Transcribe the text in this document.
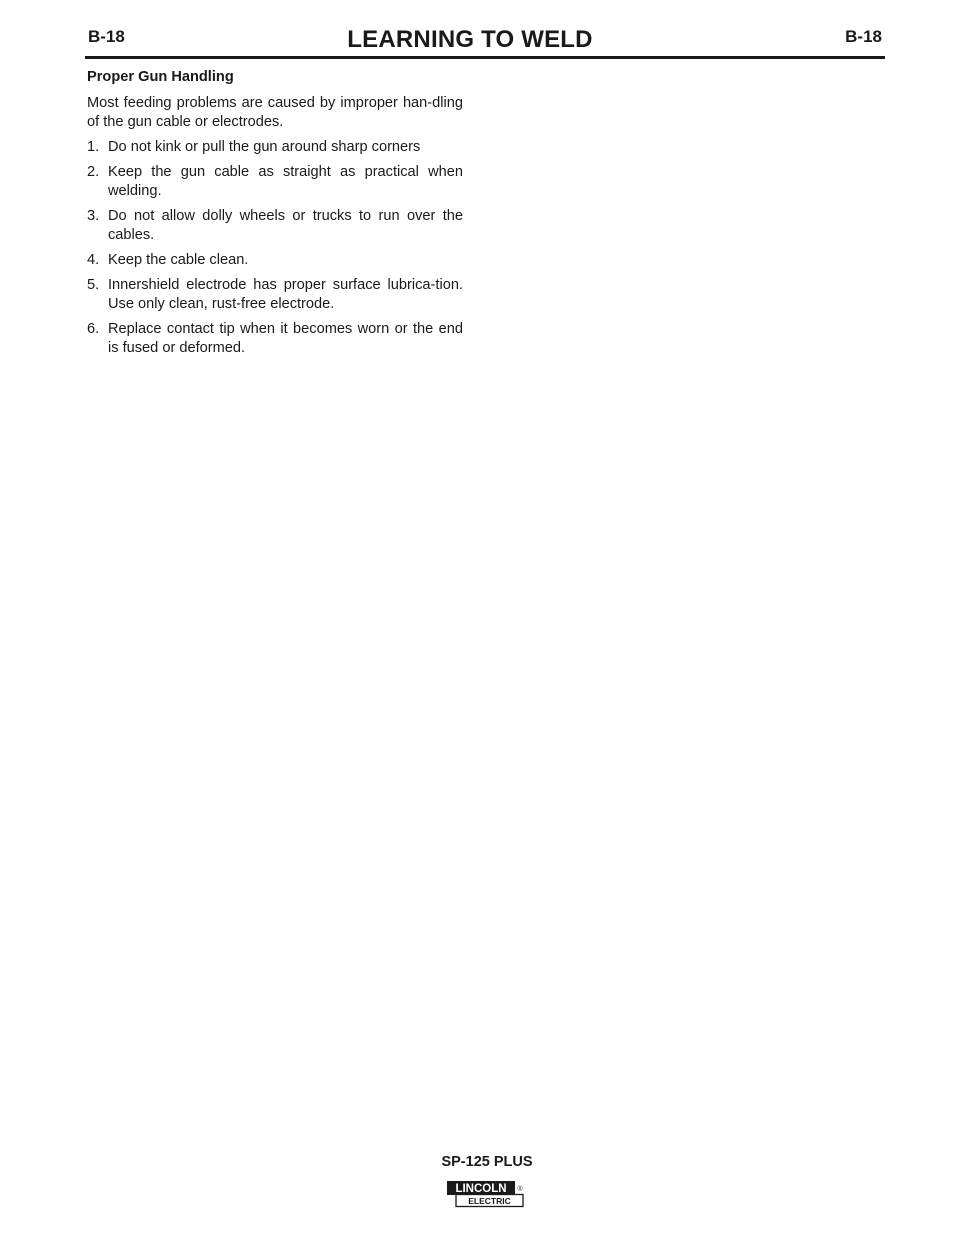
B-18	LEARNING TO WELD	B-18

Proper Gun Handling

Most feeding problems are caused by improper han-dling of the gun cable or electrodes.

1. Do not kink or pull the gun around sharp corners
2. Keep the gun cable as straight as practical when welding.
3. Do not allow dolly wheels or trucks to run over the cables.
4. Keep the cable clean.
5. Innershield electrode has proper surface lubrica-tion. Use only clean, rust-free electrode.
6. Replace contact tip when it becomes worn or the end is fused or deformed.
SP-125 PLUS
LINCOLN
ELECTRIC
®
